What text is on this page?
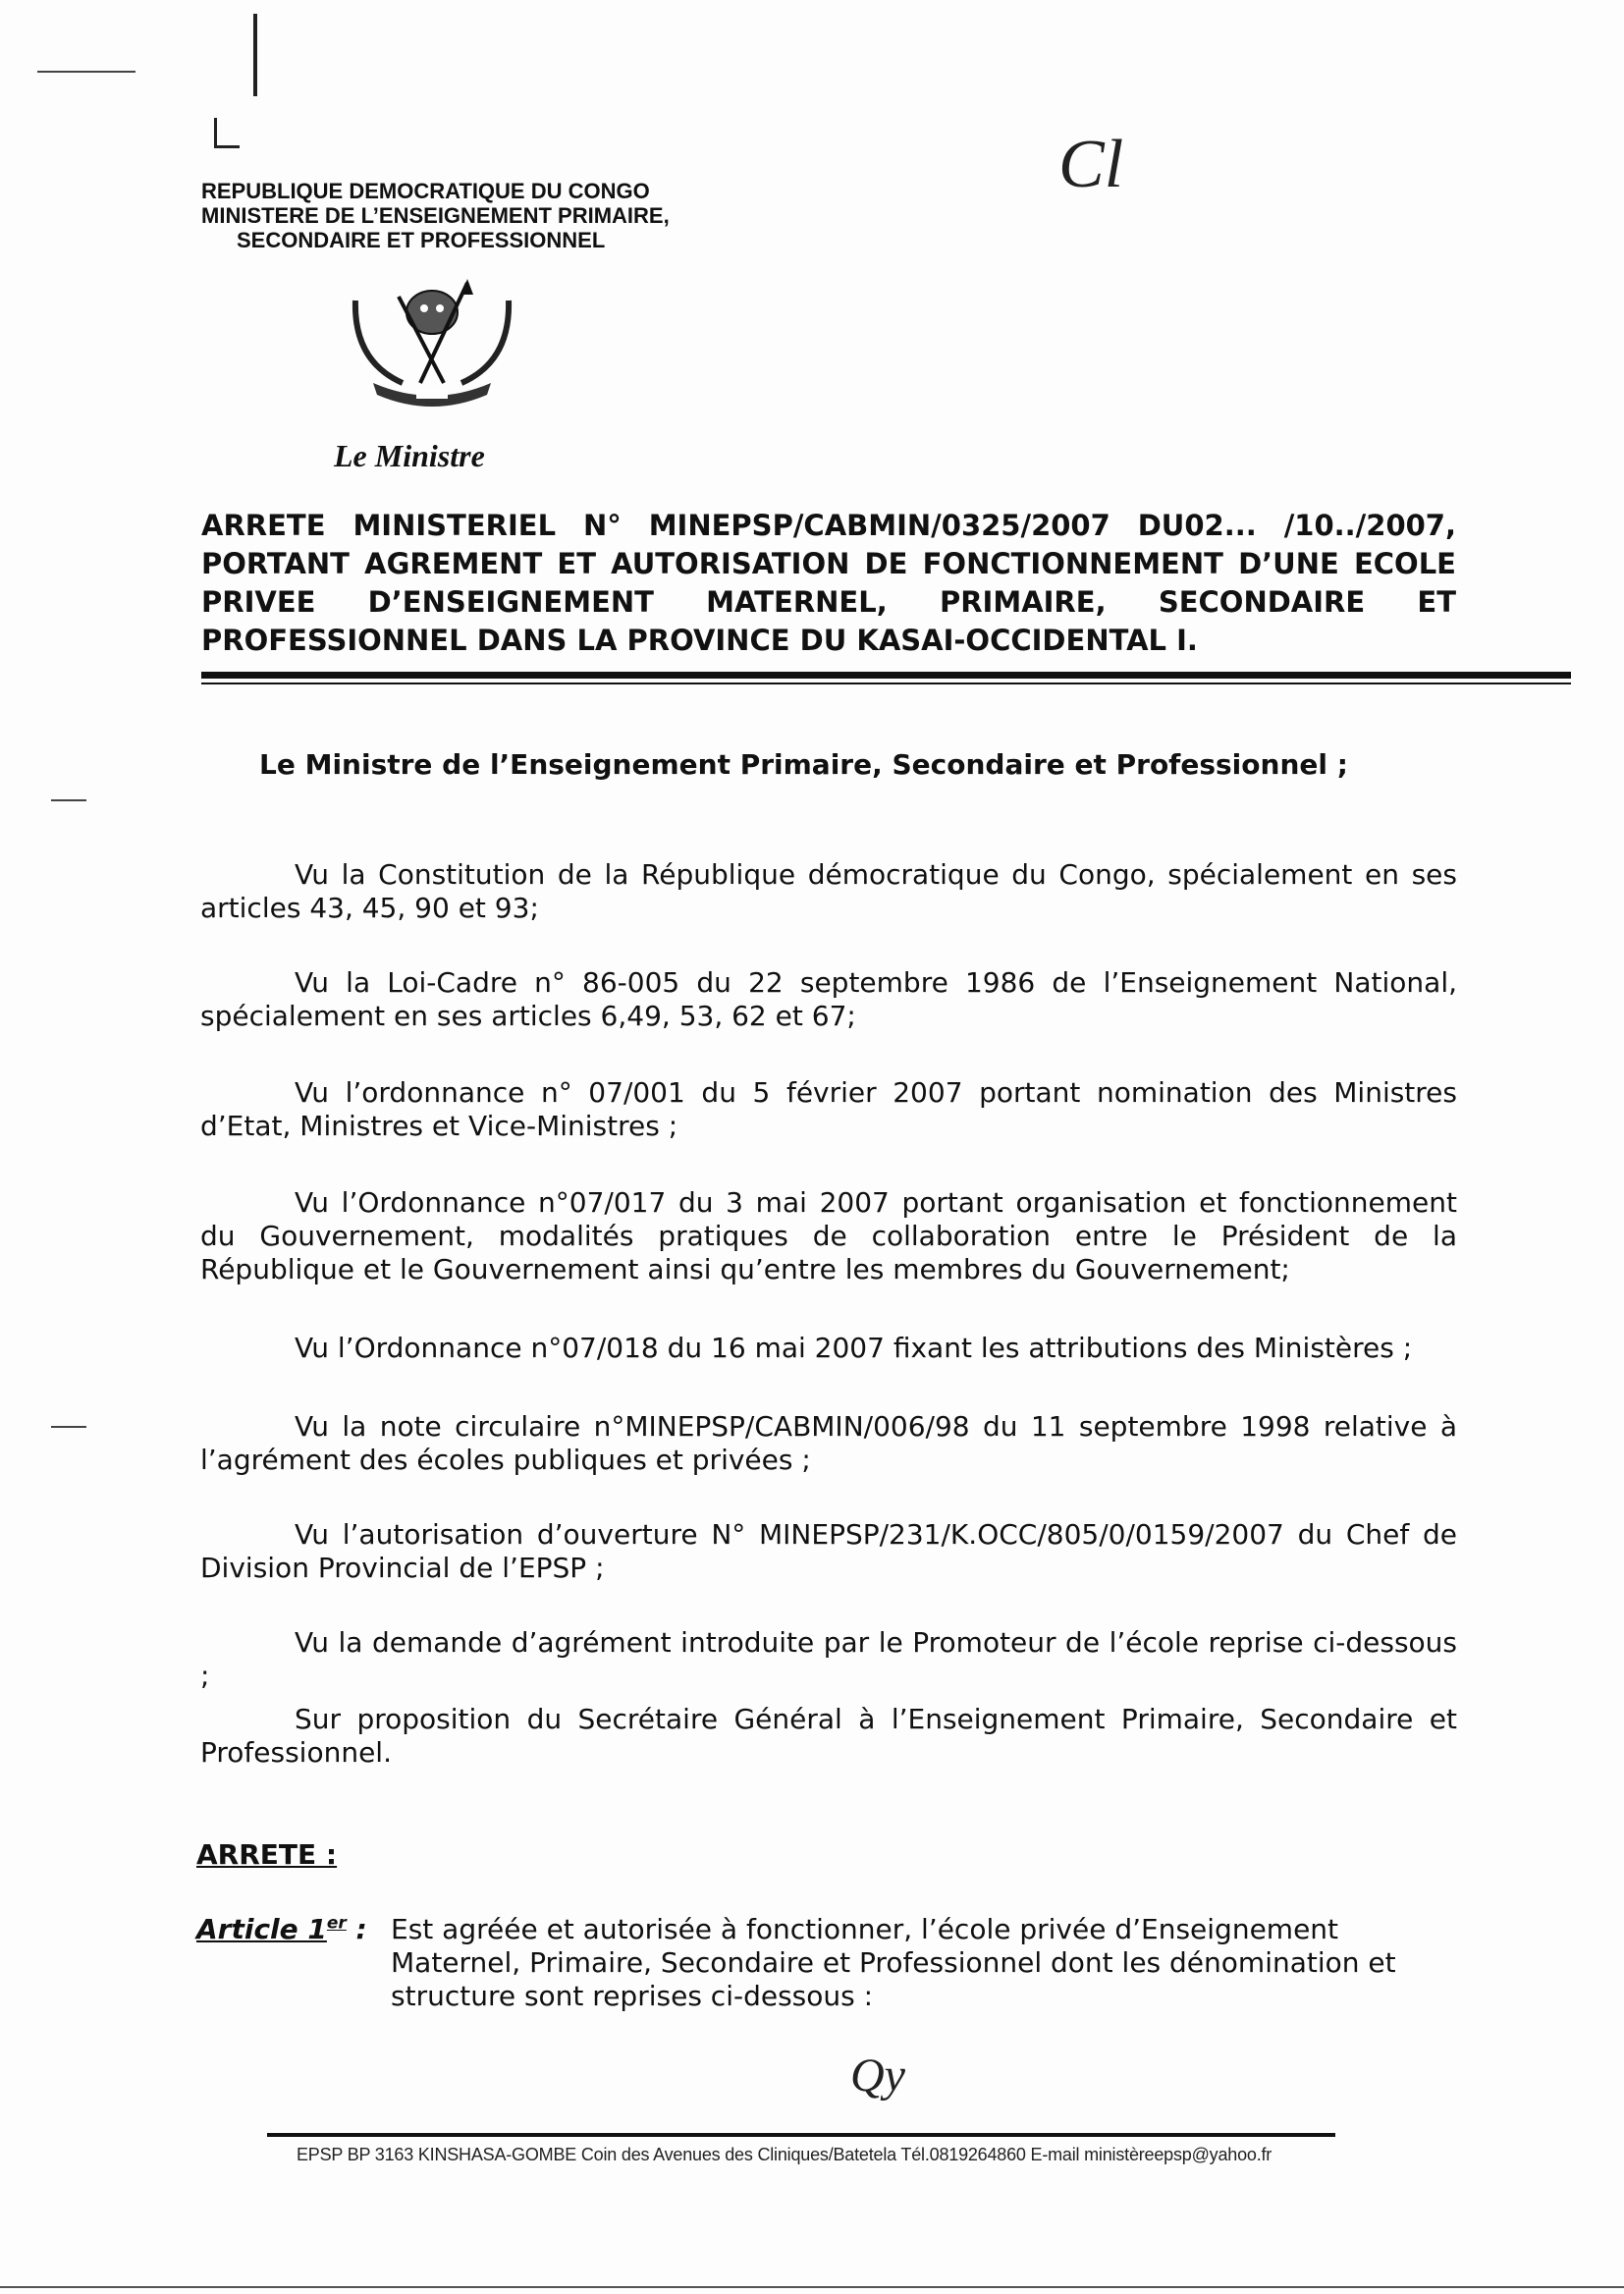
Cl
REPUBLIQUE DEMOCRATIQUE DU CONGO
MINISTERE DE L’ENSEIGNEMENT PRIMAIRE,
SECONDAIRE ET PROFESSIONNEL
Le Ministre
ARRETE MINISTERIEL N° MINEPSP/CABMIN/0325/2007 DU02... /10../2007,
PORTANT AGREMENT ET AUTORISATION DE FONCTIONNEMENT D’UNE ECOLE
PRIVEE D’ENSEIGNEMENT MATERNEL, PRIMAIRE, SECONDAIRE ET
PROFESSIONNEL DANS LA PROVINCE DU KASAI-OCCIDENTAL I.
Le Ministre de l’Enseignement Primaire, Secondaire et Professionnel ;

Vu la Constitution de la République démocratique du Congo, spécialement en ses articles 43, 45, 90 et 93;

Vu la Loi-Cadre n° 86-005 du 22 septembre 1986 de l’Enseignement National, spécialement en ses articles 6,49, 53, 62 et 67;

Vu l’ordonnance n° 07/001 du 5 février 2007 portant nomination des Ministres d’Etat, Ministres et Vice-Ministres ;

Vu l’Ordonnance n°07/017 du 3 mai 2007 portant organisation et fonctionnement du Gouvernement, modalités pratiques de collaboration entre le Président de la République et le Gouvernement ainsi qu’entre les membres du Gouvernement;

Vu l’Ordonnance n°07/018 du 16 mai 2007 fixant les attributions des Ministères ;

Vu la note circulaire n°MINEPSP/CABMIN/006/98 du 11 septembre 1998 relative à l’agrément des écoles publiques et privées ;

Vu l’autorisation d’ouverture N° MINEPSP/231/K.OCC/805/0/0159/2007 du Chef de Division Provincial de l’EPSP ;

Vu la demande d’agrément introduite par le Promoteur de l’école reprise ci-dessous ;

Sur proposition du Secrétaire Général à l’Enseignement Primaire, Secondaire et Professionnel.

ARRETE :
Article 1er : Est agréée et autorisée à fonctionner, l’école privée d’Enseignement Maternel, Primaire, Secondaire et Professionnel dont les dénomination et structure sont reprises ci-dessous :

Qy
EPSP BP 3163 KINSHASA-GOMBE Coin des Avenues des Cliniques/Batetela Tél.0819264860 E-mail ministèreepsp@yahoo.fr
